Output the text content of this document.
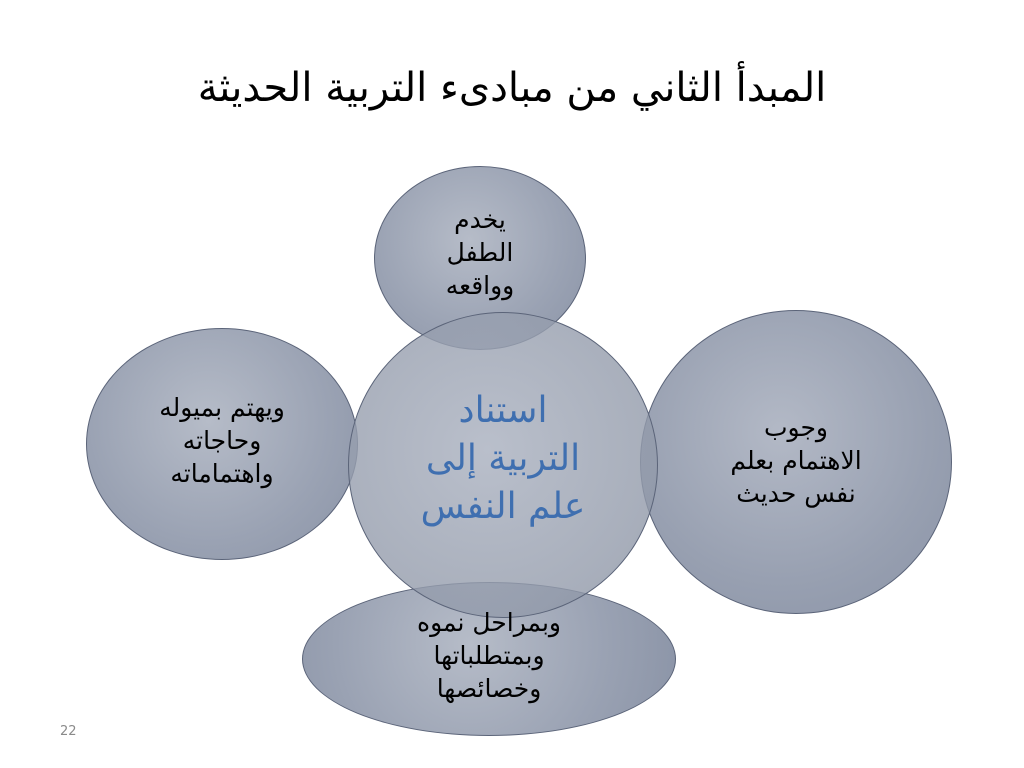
المبدأ الثاني من مبادىء التربية الحديثة
يخدم
الطفل
وواقعه
ويهتم بميوله
وحاجاته
واهتماماته
وجوب
الاهتمام بعلم
نفس حديث
وبمراحل نموه
وبمتطلباتها
وخصائصها
استناد
التربية إلى
علم النفس
22
